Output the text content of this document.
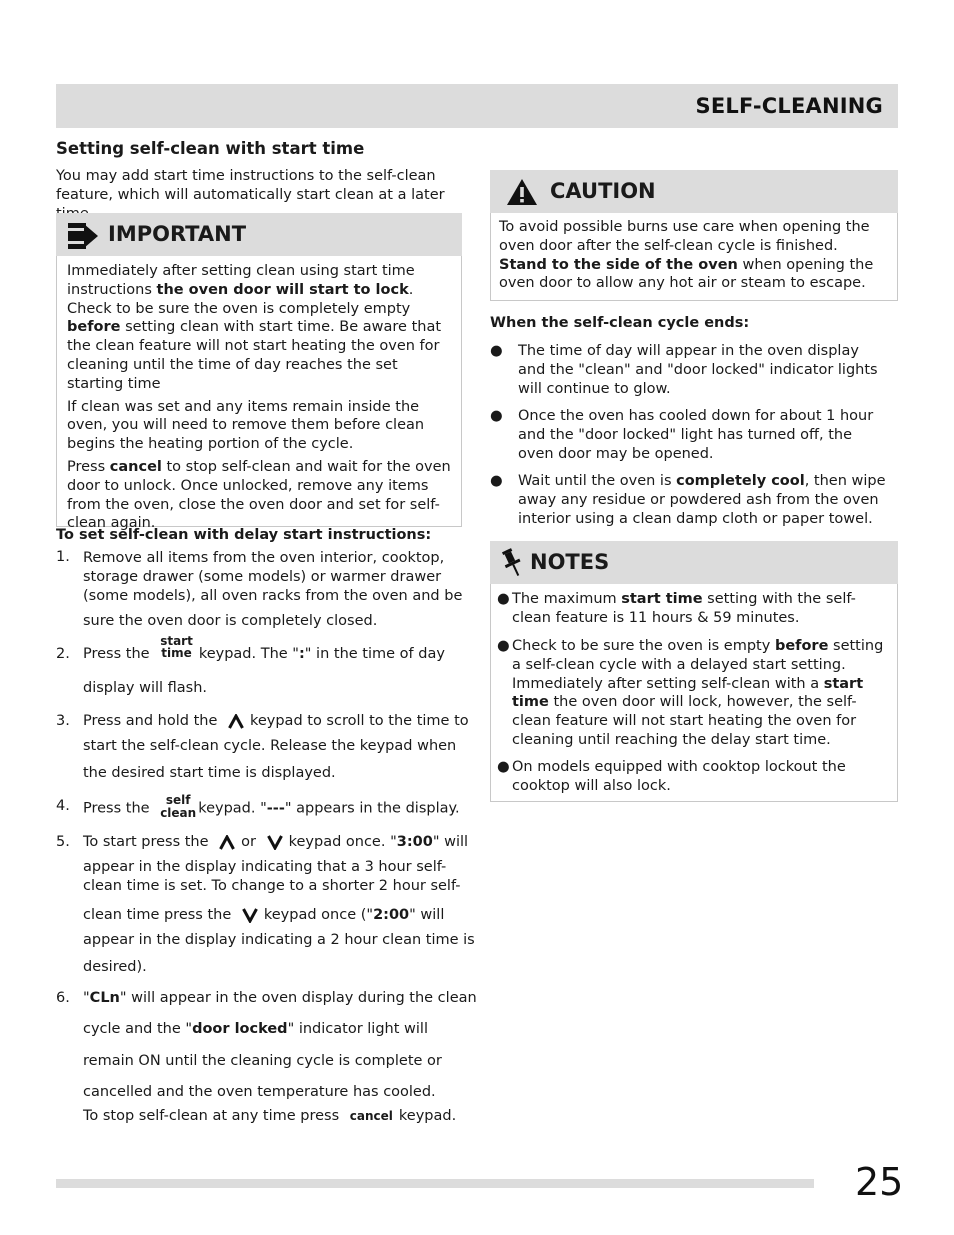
SELF-CLEANING
Setting self-clean with start time

You may add start time instructions to the self-clean feature, which will automatically start clean at a later

IMPORTANT

Immediately after setting clean using start time instructions the oven door will start to lock. Check to be sure the oven is completely empty before setting clean with start time. Be aware that the clean feature will not start heating the oven for cleaning until the time of day reaches the set starting time

If clean was set and any items remain inside the oven, you will need to remove them before clean begins the heating portion of the cycle.

Press cancel to stop self-clean and wait for the oven door to unlock. Once unlocked, remove any items from the oven, close the oven door and set for self-clean again.

To set self-clean with delay start instructions:
1. Remove all items from the oven interior, cooktop, storage drawer (some models) or warmer drawer (some models), all oven racks from the oven and be

sure the oven door is completely closed.
2. Press the start
time keypad. The ":" in the time of day
display will flash.
3. Press and hold the keypad to scroll to the time to
start the self-clean cycle. Release the keypad when
the desired start time is displayed.
4. Press the self
clean keypad. "---" appears in the display.
5. To start press the or keypad once. "3:00" will
appear in the display indicating that a 3 hour self-
clean time is set. To change to a shorter 2 hour self-
clean time press the keypad once ("2:00" will
appear in the display indicating a 2 hour clean time is
desired).
6. "CLn" will appear in the oven display during the clean
cycle and the "door locked" indicator light will
remain ON until the cleaning cycle is complete or
cancelled and the oven temperature has cooled.
To stop self-clean at any time press cancel keypad.
CAUTION

To avoid possible burns use care when opening the oven door after the self-clean cycle is finished. Stand to the side of the oven when opening the oven door to allow any hot air or steam to escape.

When the self-clean cycle ends:
● The time of day will appear in the oven display and the "clean" and "door locked" indicator lights will continue to glow.

● Once the oven has cooled down for about 1 hour and the "door locked" light has turned off, the oven door may be opened.

● Wait until the oven is completely cool, then wipe away any residue or powdered ash from the oven interior using a clean damp cloth or paper towel.

NOTES
● The maximum start time setting with the self-clean feature is 11 hours & 59 minutes.

● Check to be sure the oven is empty before setting a self-clean cycle with a delayed start setting. Immediately after setting self-clean with a start time the oven door will lock, however, the self-clean feature will not start heating the oven for cleaning until reaching the delay start time.

● On models equipped with cooktop lockout the cooktop will also lock.

25
